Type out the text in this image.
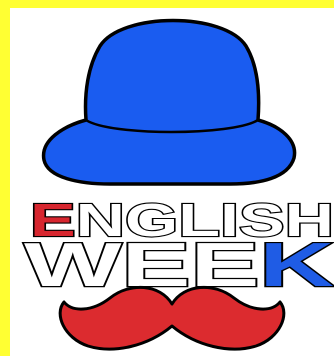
E NGLISH
WEE K
